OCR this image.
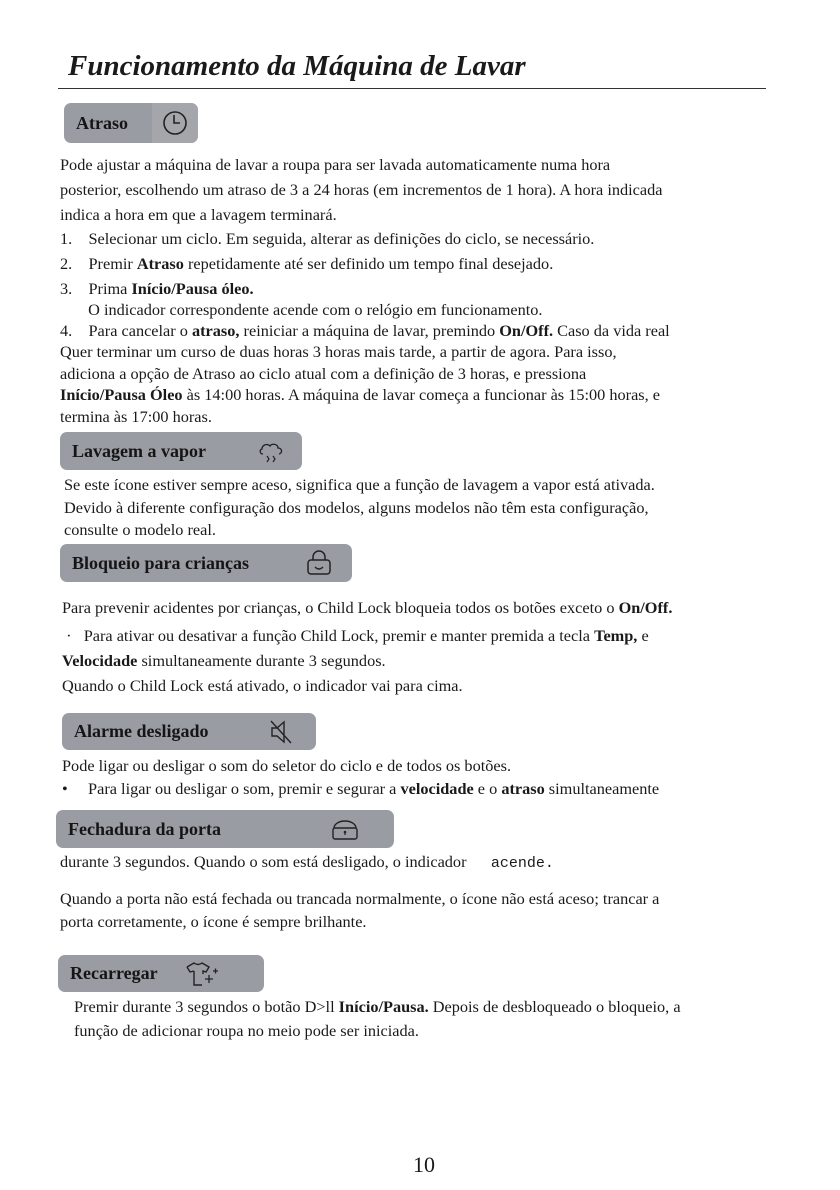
Funcionamento da Máquina de Lavar
Atraso
Pode ajustar a máquina de lavar a roupa para ser lavada automaticamente numa hora
posterior, escolhendo um atraso de 3 a 24 horas (em incrementos de 1 hora). A hora indicada
indica a hora em que a lavagem terminará.
1.    Selecionar um ciclo. Em seguida, alterar as definições do ciclo, se necessário.
2.    Premir Atraso repetidamente até ser definido um tempo final desejado.
3.    Prima Início/Pausa óleo.
O indicador correspondente acende com o relógio em funcionamento.
4.    Para cancelar o atraso, reiniciar a máquina de lavar, premindo On/Off. Caso da vida real
Quer terminar um curso de duas horas 3 horas mais tarde, a partir de agora. Para isso,
adiciona a opção de Atraso ao ciclo atual com a definição de 3 horas, e pressiona
Início/Pausa Óleo às 14:00 horas. A máquina de lavar começa a funcionar às 15:00 horas, e
termina às 17:00 horas.
Lavagem a vapor
Se este ícone estiver sempre aceso, significa que a função de lavagem a vapor está ativada.
Devido à diferente configuração dos modelos, alguns modelos não têm esta configuração,
consulte o modelo real.
Bloqueio para crianças
Para prevenir acidentes por crianças, o Child Lock bloqueia todos os botões exceto o On/Off.
·   Para ativar ou desativar a função Child Lock, premir e manter premida a tecla Temp, e
Velocidade simultaneamente durante 3 segundos.
Quando o Child Lock está ativado, o indicador vai para cima.
Alarme desligado
Pode ligar ou desligar o som do seletor do ciclo e de todos os botões.
•     Para ligar ou desligar o som, premir e segurar a velocidade e o atraso simultaneamente
Fechadura da porta
durante 3 segundos. Quando o som está desligado, o indicador      acende.
Quando a porta não está fechada ou trancada normalmente, o ícone não está aceso; trancar a
porta corretamente, o ícone é sempre brilhante.
Recarregar
Premir durante 3 segundos o botão D>ll Início/Pausa. Depois de desbloqueado o bloqueio, a
função de adicionar roupa no meio pode ser iniciada.
10
